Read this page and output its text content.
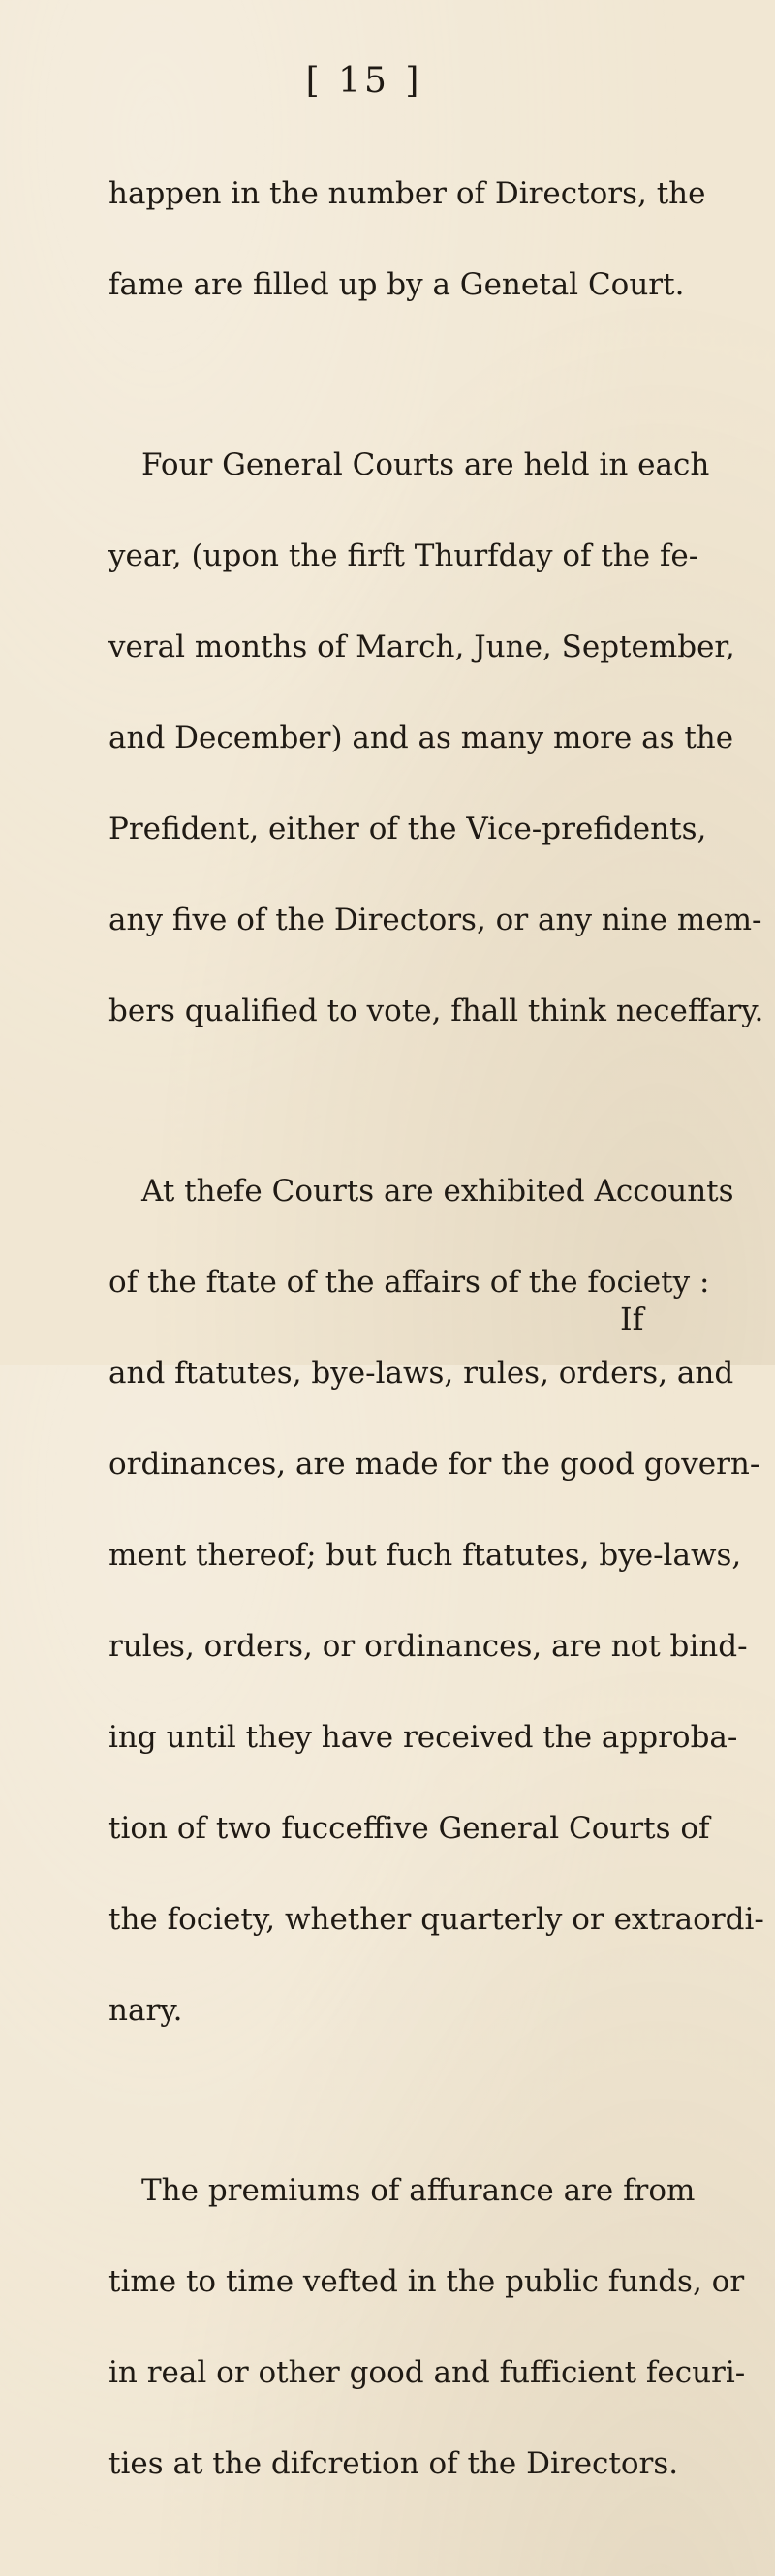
[ 15 ]

happen in the number of Directors, the

fame are filled up by a Genetal Court.

Four General Courts are held in each

year, (upon the firft Thurfday of the fe-

veral months of March, June, September,

and December) and as many more as the

Prefident, either of the Vice-prefidents,

any five of the Directors, or any nine mem-

bers qualified to vote, fhall think neceffary.

At thefe Courts are exhibited Accounts

of the ftate of the affairs of the fociety :

and ftatutes, bye-laws, rules, orders, and

ordinances, are made for the good govern-

ment thereof; but fuch ftatutes, bye-laws,

rules, orders, or ordinances, are not bind-

ing until they have received the approba-

tion of two fucceffive General Courts of

the fociety, whether quarterly or extraordi-

nary.

The premiums of affurance are from

time to time vefted in the public funds, or

in real or other good and fufficient fecuri-

ties at the difcretion of the Directors.

If
